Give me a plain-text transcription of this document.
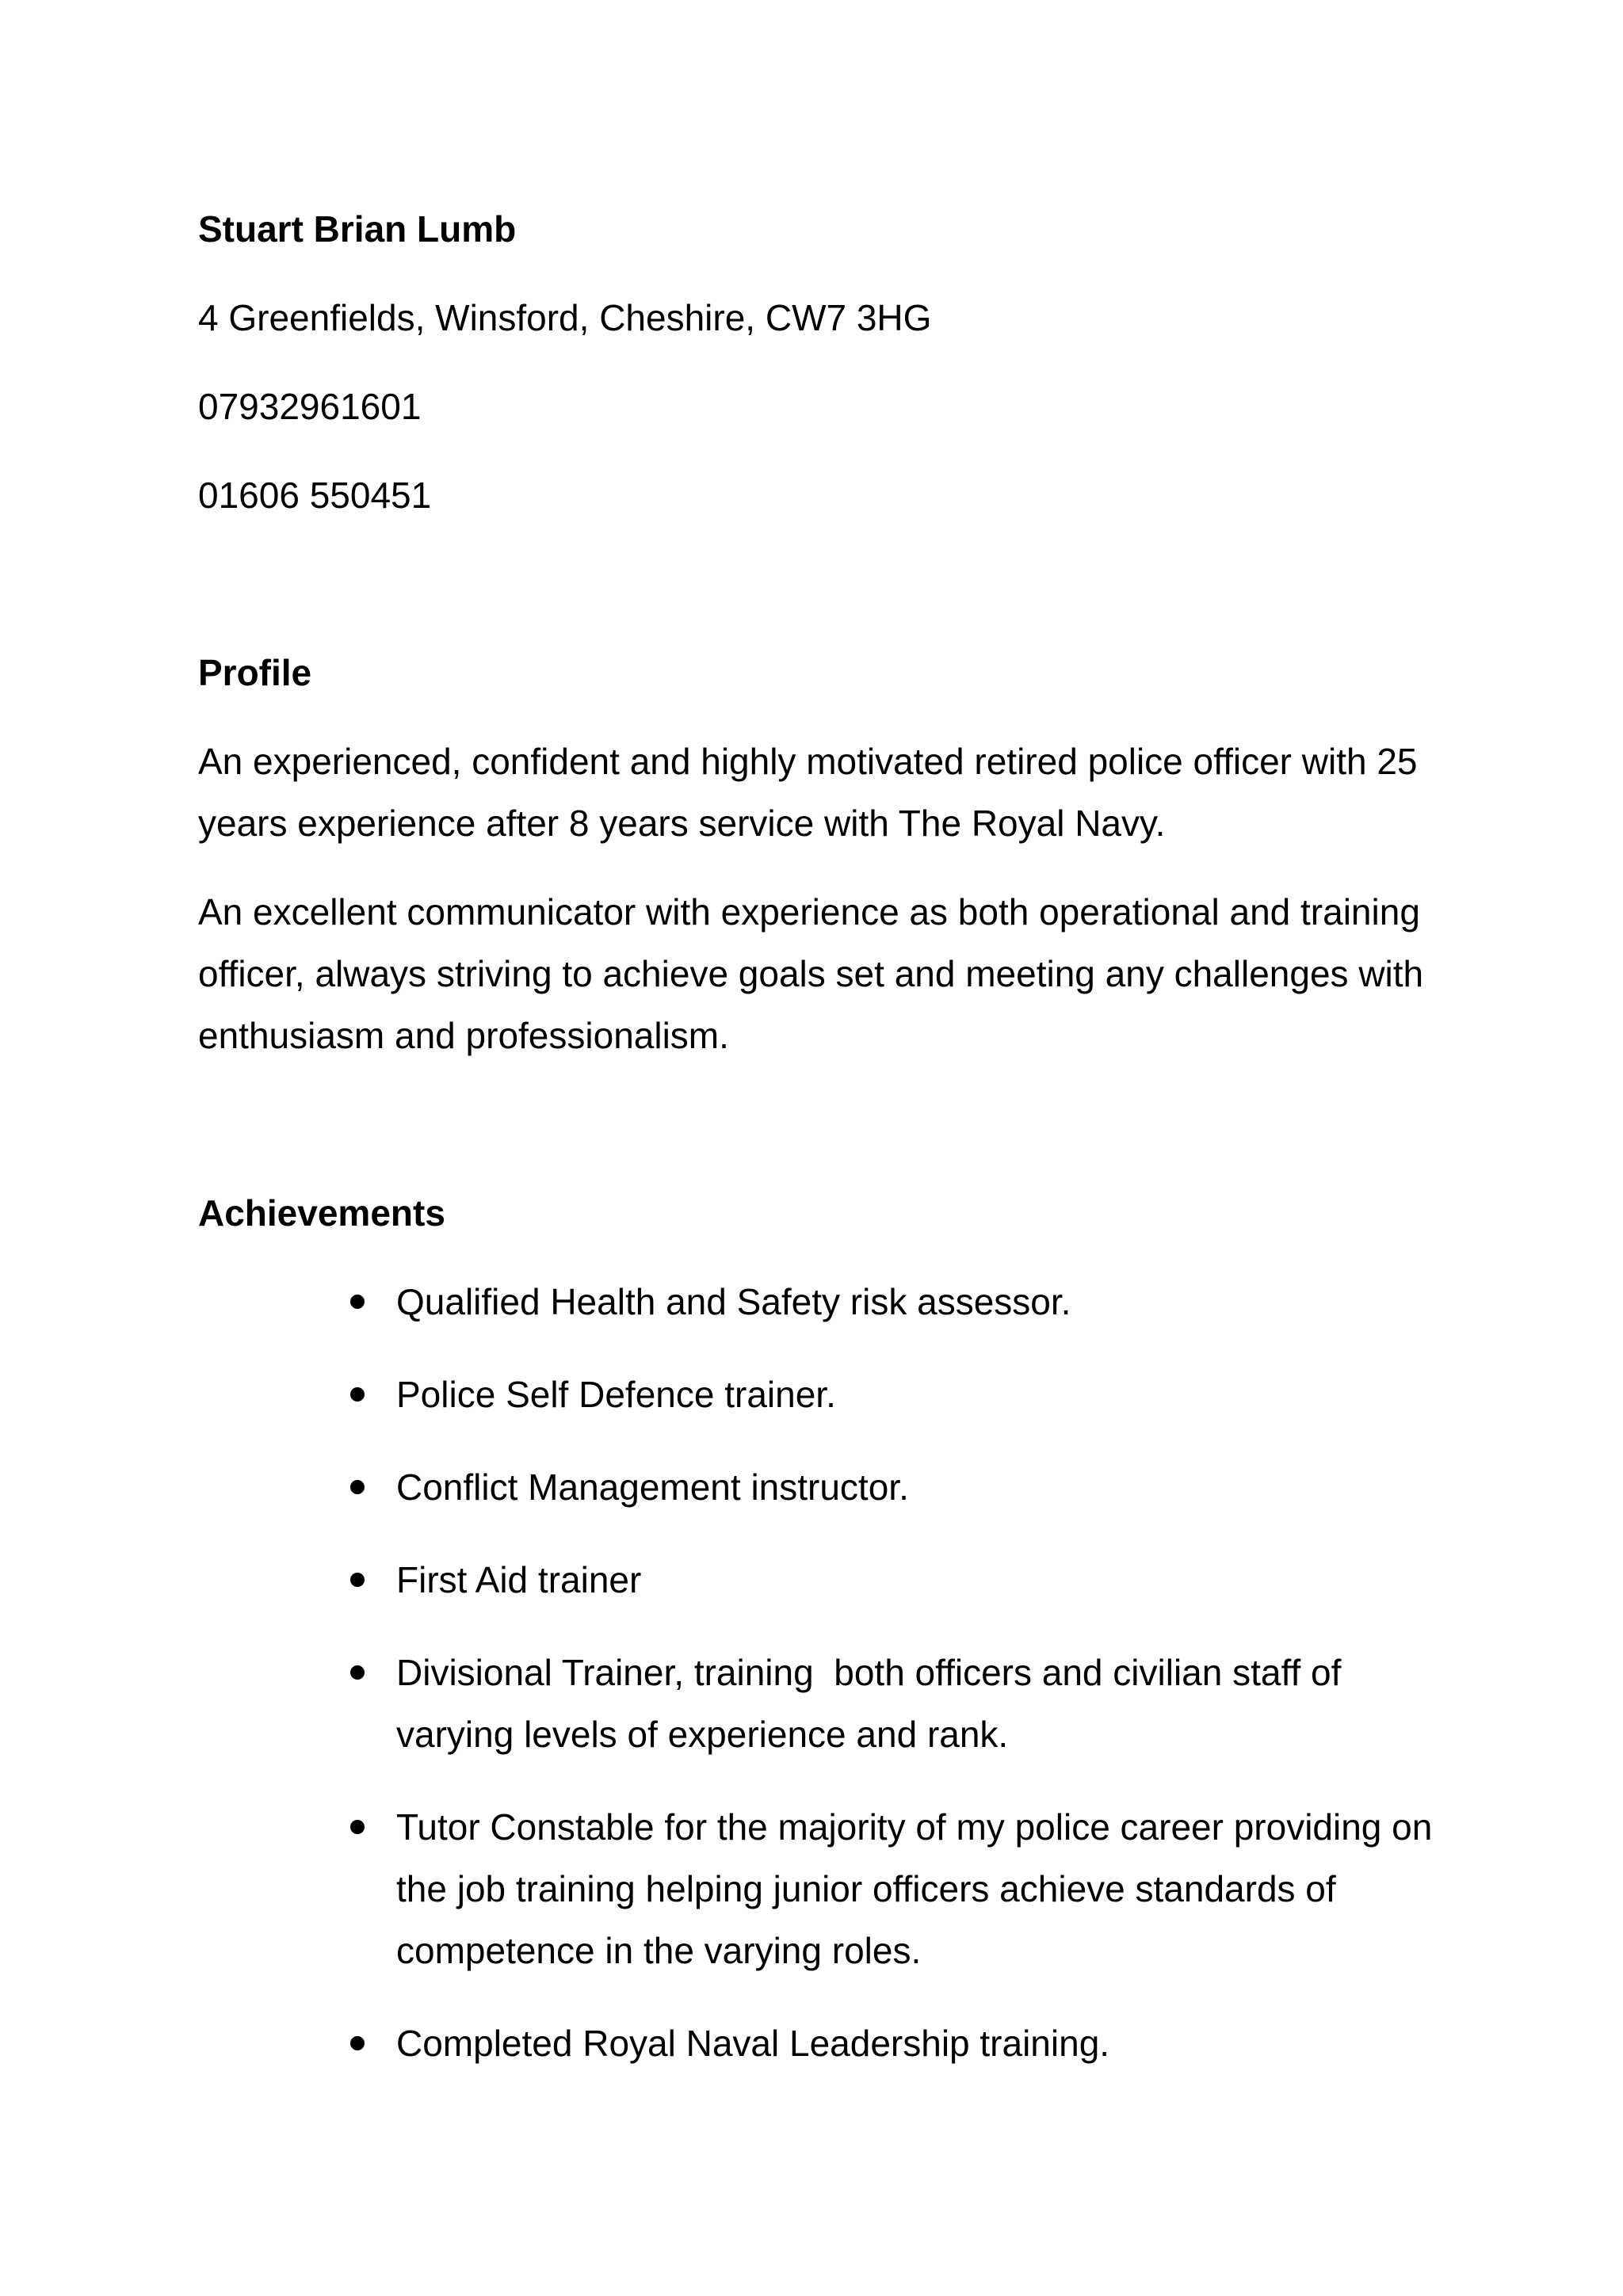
Stuart Brian Lumb

4 Greenfields, Winsford, Cheshire, CW7 3HG

07932961601

01606 550451

Profile

An experienced, confident and highly motivated retired police officer with 25 years experience after 8 years service with The Royal Navy.

An excellent communicator with experience as both operational and training officer, always striving to achieve goals set and meeting any challenges with enthusiasm and professionalism.

Achievements
Qualified Health and Safety risk assessor.
Police Self Defence trainer.
Conflict Management instructor.
First Aid trainer
Divisional Trainer, training  both officers and civilian staff of varying levels of experience and rank.
Tutor Constable for the majority of my police career providing on the job training helping junior officers achieve standards of competence in the varying roles.
Completed Royal Naval Leadership training.
